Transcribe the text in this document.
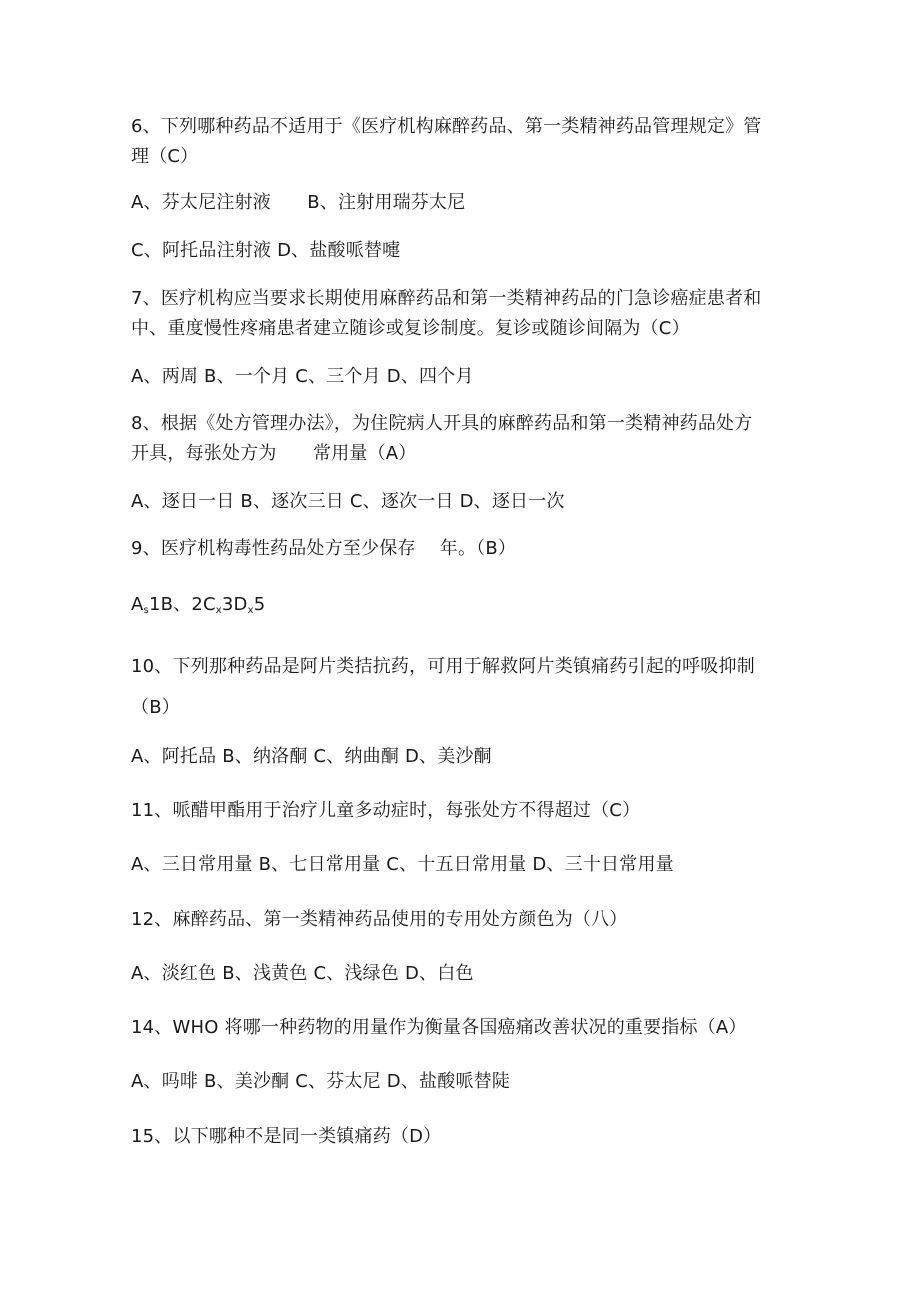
6、下列哪种药品不适用于《医疗机构麻醉药品、第一类精神药品管理规定》管

理（C）

A、芬太尼注射液　　B、注射用瑞芬太尼

C、阿托品注射液 D、盐酸哌替嚏

7、医疗机构应当要求长期使用麻醉药品和第一类精神药品的门急诊癌症患者和

中、重度慢性疼痛患者建立随诊或复诊制度。复诊或随诊间隔为（C）

A、两周 B、一个月 C、三个月 D、四个月

8、根据《处方管理办法》，为住院病人开具的麻醉药品和第一类精神药品处方

开具，每张处方为　　常用量（A）

A、逐日一日 B、逐次三日 C、逐次一日 D、逐日一次

9、医疗机构毒性药品处方至少保存　 年。（B）

$A_s1B$、$2C_x3D_x5$

10、下列那种药品是阿片类拮抗药，可用于解救阿片类镇痛药引起的呼吸抑制

（B）

A、阿托品 B、纳洛酮 C、纳曲酮 D、美沙酮

11、哌醋甲酯用于治疗儿童多动症时，每张处方不得超过（C）

A、三日常用量 B、七日常用量 C、十五日常用量 D、三十日常用量

12、麻醉药品、第一类精神药品使用的专用处方颜色为（八）

A、淡红色 B、浅黄色 C、浅绿色 D、白色

14、WHO 将哪一种药物的用量作为衡量各国癌痛改善状况的重要指标（A）

A、吗啡 B、美沙酮 C、芬太尼 D、盐酸哌替陡

15、以下哪种不是同一类镇痛药（D）
